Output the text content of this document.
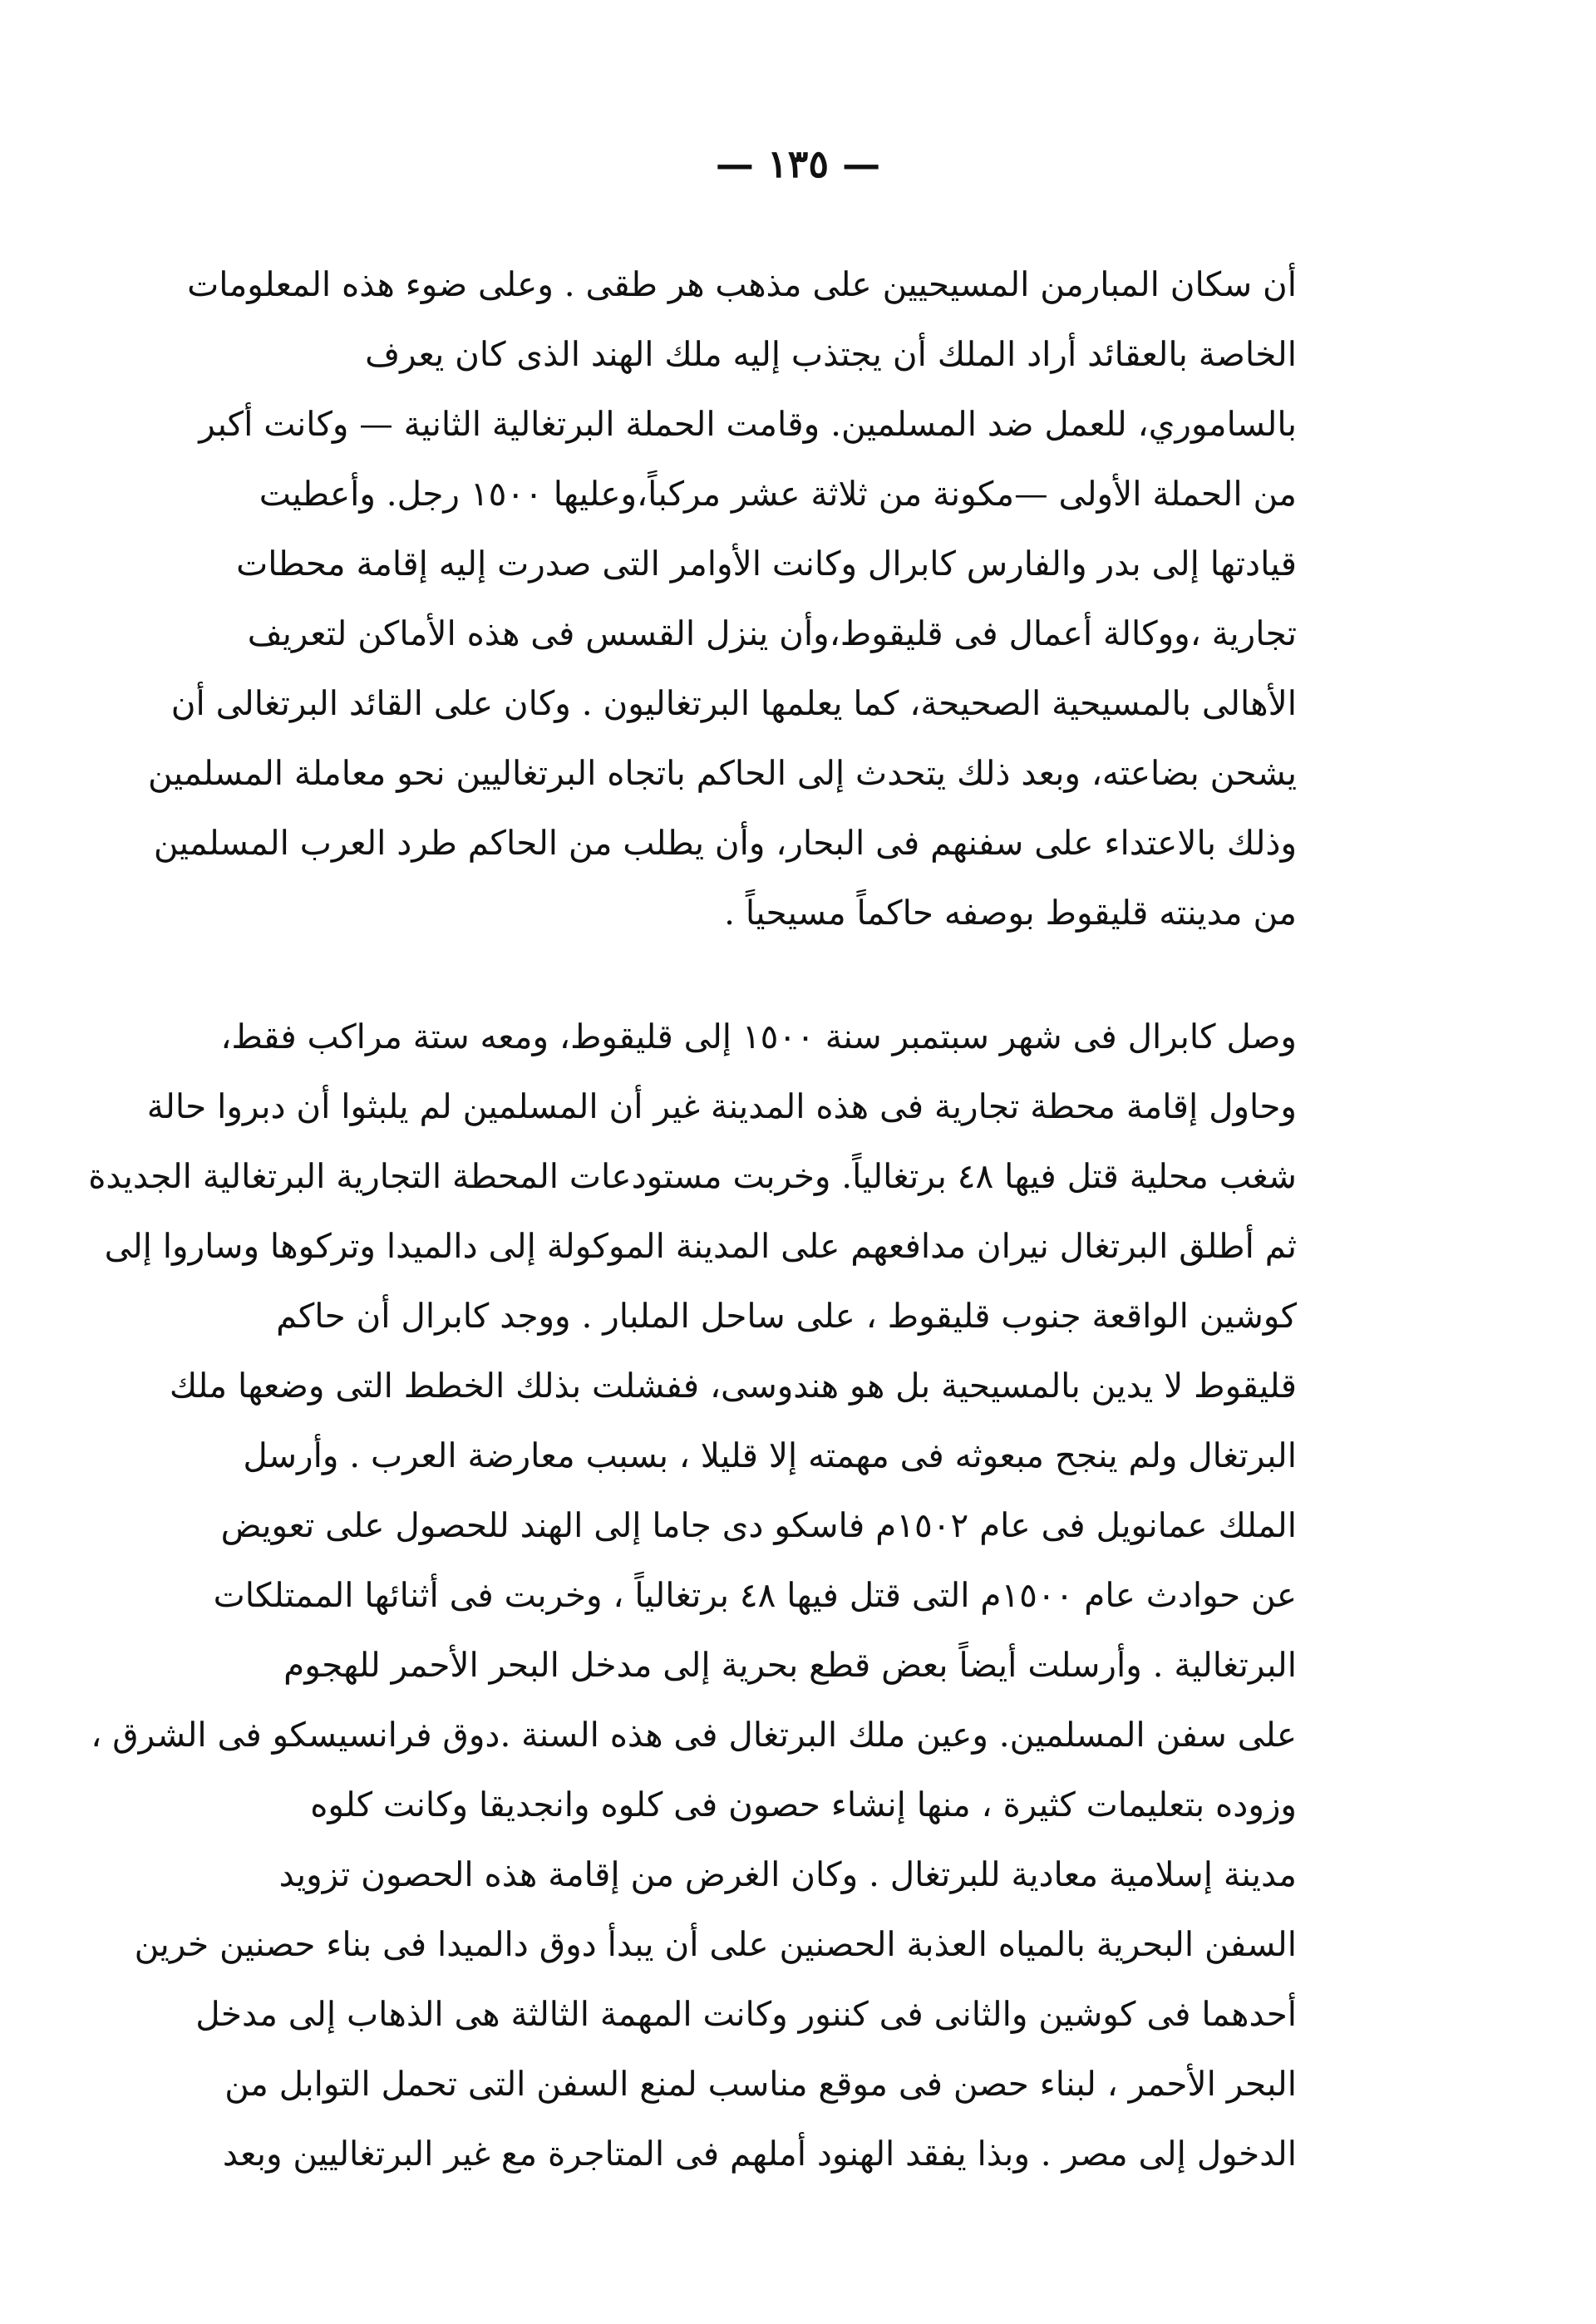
— ١٣٥ —
أن سكان المبارمن المسيحيين على مذهب هر طقى . وعلى ضوء هذه المعلومات
الخاصة بالعقائد أراد الملك أن يجتذب إليه ملك الهند الذى كان يعرف
بالساموري، للعمل ضد المسلمين. وقامت الحملة البرتغالية الثانية — وكانت أكبر
من الحملة الأولى —مكونة من ثلاثة عشر مركباً،وعليها ١٥٠٠ رجل. وأعطيت
قيادتها إلى بدر والفارس كابرال وكانت الأوامر التى صدرت إليه إقامة محطات
تجارية ،ووكالة أعمال فى قليقوط،وأن ينزل القسس فى هذه الأماكن لتعريف
الأهالى بالمسيحية الصحيحة، كما يعلمها البرتغاليون . وكان على القائد البرتغالى أن
يشحن بضاعته، وبعد ذلك يتحدث إلى الحاكم باتجاه البرتغاليين نحو معاملة المسلمين
وذلك بالاعتداء على سفنهم فى البحار، وأن يطلب من الحاكم طرد العرب المسلمين
من مدينته قليقوط بوصفه حاكماً مسيحياً .
وصل كابرال فى شهر سبتمبر سنة ١٥٠٠ إلى قليقوط، ومعه ستة مراكب فقط،
وحاول إقامة محطة تجارية فى هذه المدينة غير أن المسلمين لم يلبثوا أن دبروا حالة
شغب محلية قتل فيها ٤٨ برتغالياً. وخربت مستودعات المحطة التجارية البرتغالية الجديدة
ثم أطلق البرتغال نيران مدافعهم على المدينة الموكولة إلى دالميدا وتركوها وساروا إلى
كوشين الواقعة جنوب قليقوط ، على ساحل الملبار . ووجد كابرال أن حاكم
قليقوط لا يدين بالمسيحية بل هو هندوسى، ففشلت بذلك الخطط التى وضعها ملك
البرتغال ولم ينجح مبعوثه فى مهمته إلا قليلا ، بسبب معارضة العرب . وأرسل
الملك عمانويل فى عام ١٥٠٢م فاسكو دى جاما إلى الهند للحصول على تعويض
عن حوادث عام ١٥٠٠م التى قتل فيها ٤٨ برتغالياً ، وخربت فى أثنائها الممتلكات
البرتغالية . وأرسلت أيضاً بعض قطع بحرية إلى مدخل البحر الأحمر للهجوم
على سفن المسلمين. وعين ملك البرتغال فى هذه السنة .دوق فرانسيسكو فى الشرق ،
وزوده بتعليمات كثيرة ، منها إنشاء حصون فى كلوه وانجديقا وكانت كلوه
مدينة إسلامية معادية للبرتغال . وكان الغرض من إقامة هذه الحصون تزويد
السفن البحرية بالمياه العذبة الحصنين على أن يبدأ دوق دالميدا فى بناء حصنين خرين
أحدهما فى كوشين والثانى فى كننور وكانت المهمة الثالثة هى الذهاب إلى مدخل
البحر الأحمر ، لبناء حصن فى موقع مناسب لمنع السفن التى تحمل التوابل من
الدخول إلى مصر . وبذا يفقد الهنود أملهم فى المتاجرة مع غير البرتغاليين وبعد
